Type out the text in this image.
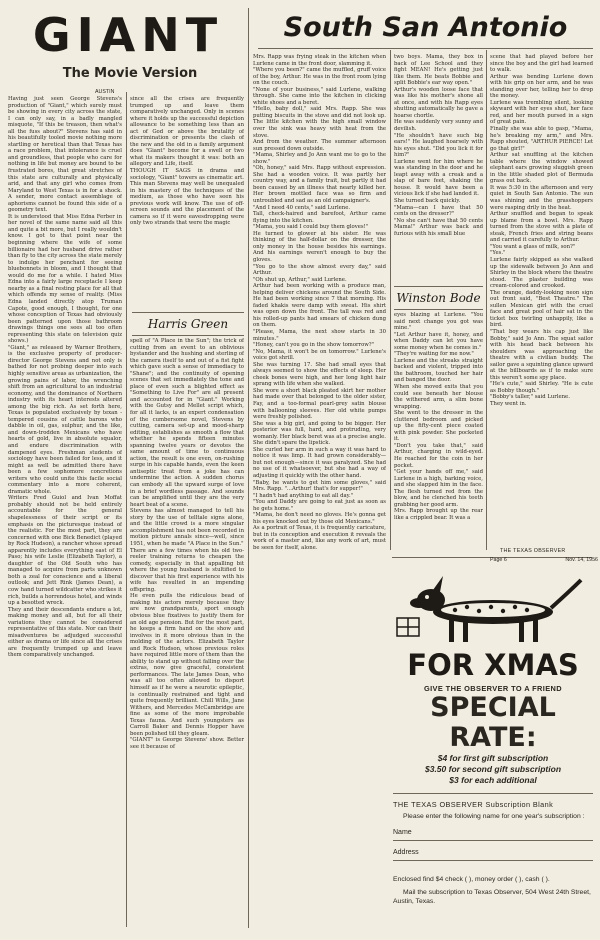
GIANT
The Movie Version
South San Antonio
AUSTIN
Having just seen George Stevens's production of "Giant," which surely must be showing in every city across the state, I can only say, in a badly mangled misquote, "If this be treason, then what's all the fuss about?" Stevens has said in his beautifully tooled movie nothing more startling or heretical than that Texas has a race problem, that intolerance is cruel and groundless, that people who care for nothing in life but money are bound to be frustrated bores, that great stretches of this state are culturally and physically arid, and that any girl who comes from Maryland to West Texas is in for a shock. A sender, more contact assemblage of aphorisms cannot be found this side of a geometry text.
It is understood that Miss Edna Ferber in her novel of the same name said all this and quite a bit more, but I really wouldn't know. I got to that point near the beginning where the wife of some billionaire had her husband drive rather than fly to the city across the state merely to indulge her penchant for seeing bluebonnets in bloom, and I thought that would do me for a while. I hated Miss Edna into a fairly large receptacle I keep nearby as a final resting place for all that which offends my sense of reality. (Miss Edna landed directly atop Truman Capote, good enough, I thought, for one whose conception of Texas had obviously been patterned upon those bathroom drawings things one sees all too often representing this state on television quiz shows.)
"Giant," as released by Warner Brothers, is the exclusive property of producer-director George Stevens and not only is bathed for not probing deeper into such highly sensitive areas as urbanization, the growing pains of labor, the wrenching shift from an agricultural to an industrial economy, and the dominance of Northern industry with its heart interests altered among the big rich. As set forth here, Texas is populated exclusively by texan - tempered cousins of cattle barons who dabble in oil, gas, sulphur, and the like, and down-trodden Mexicans who have hearts of gold, live in absolute squalor, and endure discrimination with dampened eyes. Freshman students of sociology have been failed for less, and it might as well be admitted there have been a few sophomore concretions writers who could unite this facile social commentary into a more coherent, dramatic whole.
Writers Fred Guiol and Ivan Moffat probably should not be held entirely accountable for the general shapelessness of their script or its emphasis on the picturesque instead of the realistic. For the most part, they are concerned with one Bick Benedict (played by Rock Hudson), a rancher whose spread apparently includes everything east of El Paso; his wife Leslie (Elizabeth Taylor), a daughter of the Old South who has managed to acquire from parts unknown both a zeal for conscience and a liberal outlook; and Jett Rink (James Dean), a cow hand turned wildcatter who strikes it rich, builds a horrendous hotel, and winds up a besotted wreck.
They and their descendants endure a lot, making money and all, but for all their variations they cannot be considered representative of this state. Nor can their misadventures be adjudged successful either as drama or life since all the crises are frequently trumped up and leave them comparatively unchanged.
since all the crises are frequently trumped up and leave them comparatively unchanged. Only in scenes where it holds up the successful depiction allowance to be something less than an act of God or above the brutality of discrimination or presents the clash of the new and the old in a family argument does "Giant" become for a swell or two what its makers thought it was: both an allegory and Life, itself.
THOUGH IT SAGS in drama and sociology, "Giant" towers as cinematic art. This man Stevens may well be unequaled in his mastery of the techniques of the medium, as those who have seen his previous work will know. The use of off-screen sounds and the placement of the camera so if it were eavesdropping were only two strands that were the magic
Harris Green
spell of "A Place in the Sun"; the trick of cutting from an event to an oblivious bystander and the hushing and sterling of the camera itself to and out of a fist fight which gave such a sense of immediacy to "Shane"; and the continuity of opening scenes that set immediately the tone and place of even such a blighted effect as "Something to Live For" are all present and accounted for in "Giant." Working with the Gutsy and Mellet script which, for all it lacks, is an expert condensation of the cumbersome novel, Stevens by cutting, camera set-up and mood-sharp editing, establishes as smooth a flow that whether he spends fifteen minutes spanning twelve years or devotes the same amount of time to continuous action, the result is one even, on-rushing surge in his capable hands, even the keen antiseptic treat from a joke has can undermine the action. A sudden chorus can embody all the upward surge of love in a brief wordless passage. And sounds can be amplified until they are the very heart beat of a scene.
Stevens has almost managed to tell his story by the use of telltale signs alone, and the little crowd is a more singular accomplishment has not been recorded in motion picture annals since—well, since 1951, when he made "A Place in the Sun."
There are a few times when his old two-reeler training returns to cheapen the comedy, especially in that appalling bit where the young husband is stultified to discover that his first experience with his wife has resulted in an impending offspring.
He even pulls the ridiculous bead of making his actors merely because they are now grandparents, sport enough obvious blue fixatives to justify them for an old age pension. But for the most part, he keeps a firm hand on the show and involves in it more obvious than in the molding of the actors. Elizabeth Taylor and Rock Hudson, whose previous roles have required little more of them than the ability to stand up without falling over the extras, now give graceful, consistent performances. The late James Dean, who was all too often allowed to disport himself as if he were a neurotic epileptic, is continually restrained and tight and quite frequently brilliant. Chill Wills, Jane Withers, and Mercedes McCambridge are fine as some of the more improbable Texas fauna. And such youngsters as Carroll Baker and Dennis Hopper have been polished till they gleam.
"GIANT" is George Stevens' show. Better see it because of
Mrs. Rapp was frying steak in the kitchen when Lurlene came in the front door, slamming it.
"Where you been?" came the muffled, gruff voice of the boy, Arthur. He was in the front room lying on the couch.
"None of your business," said Lurlene, walking through. She came into the kitchen in clicking white shoes and a beret.
"Hello, baby doll," said Mrs. Rapp. She was putting biscuits in the stove and did not look up. The little kitchen with the high small window over the sink was heavy with heat from the stove.
And from the weather. The summer afternoon sun pressed down outside.
"Mama, Shirley and Jo Ann want me to go to the show."
"Oh, honey," said Mrs. Rapp without expression. She had a wooden voice. It was partly her country way, and a family trait, but partly it had been caused by an illness that nearly killed her. Her brown mottled face was so firm and untroubled and sad as an old campaigner's.
"And I need 40 cents," said Lurlene.
Tall, check-haired and barefoot, Arthur came flying into the kitchen.
"Mama, you said I could buy them gloves!"
He turned to glower at his sister. He was thinking of the half-dollar on the dresser, the only money in the house besides his earnings. And his earnings weren't enough to buy the gloves.
"You go to the show almost every day," said Arthur.
"Oh shut up, Arthur," said Lurlene.
Arthur had been working with a produce man, helping deliver chickens around the South Side. He had been working since 7 that morning. His faded khakis were damp with sweat. His shirt was open down the front. The tall was red and his rolled-up pants had smears of chicken dung on them.
"Please, Mama, the next show starts in 30 minutes."
"Honey, can't you go in the show tomorrow?"
"No, Mama, it won't be on tomorrow." Lurlene's voice got shrill.
She was turning 17. She had small eyes that always seemed to show the effects of sleep. Her cheek bones were high, and her long light hair sprang with life when she walked.
She wore a short black pleated skirt her mother had made over that belonged to the older sister, Fay, and a too-formal pearl-grey satin blouse with ballooning sleeves. Her old white pumps were freshly polished.
She was a big girl, and going to be bigger. Her posterior was full, hard, and protruding, very womanly. Her black beret was at a precise angle. She didn't spare the lipstick.
She curled her arm in such a way it was hard to notice it was limp. It had grown considerably—but not enough—since it was paralyzed. She had no use of it whatsoever, but she had a way of adjusting it quickly with the other hand.
"Baby, he wants to get him some gloves," said Mrs. Rapp. "...Arthur! that's for supper!"
"I hadn't had anything to eat all day."
"You and Daddy are going to eat just as soon as he gets home."
"Mama, he don't need no gloves. He's gonna get his eyes knocked out by those old Mexicans."
As a portrait of Texas, it is frequently caricature, but in its conception and execution it reveals the work of a master and, like any work of art, must be seen for itself, alone.
two boys. Mama, they box in back of Lee School and they fight MEAN! He's getting just like them. He beats Bobbie and split Bobbie's ear way open."
Arthur's wooden loose face that was like his mother's shone all at once, and with his Rapp eyes shutting automatically he gave a hoarse chortle.
He was suddenly very sunny and devilish.
"He shouldn't have such big ears!" He laughed hoarsely with his eyes shut. "Did you lick it for him?"
Lurlene went for him where he was standing in the door and he leapt away with a creak and a slap of bare feet, shaking the house. It would have been a vicious lick if she had landed it.
She turned back quickly.
"Mama—can I have that 50 cents on the dresser?"
"No she can't have that 50 cents Mama!" Arthur was back and furious with his small blue
Winston Bode
eyes blazing at Lurlene. "You said next change you got was mine."
"Let Arthur have it, honey, and when Daddy can let you have some money when he comes in."
"They're waiting for me now."
Lurlene and the streaks straight backed and violent, tripped into the bathroom, touched her hair and banged the door.
When she moved exits that you could see beneath her blouse the withered arm, a slim bone wrapping.
She went to the dresser in the cluttered bedroom and picked up the fifty-cent piece coated with pink powder. She pocketed it.
"Don't you take that," said Arthur, charging in wild-eyed. He reached for the coin in her pocket.
"Get your hands off me," said Lurlene in a high, barking voice, and she slapped him in the face. The flesh turned red from the blow, and he clenched his teeth grabbing her good arm.
Mrs. Rapp brought up the rear like a crippled bear. It was a
scene that had played before her since the boy and the girl had learned to walk.
Arthur was bending Lurlene down with his grip on her arm, and he was standing over her, telling her to drop the money.
Lurlene was trembling silent, looking skyward with her eyes shut, her face red, and her mouth pursed in a sign of great pain.
Finally she was able to gasp, "Mama, he's breaking my arm," and Mrs. Rapp shouted, "ARTHUR PIERCE! Let go that girl!"
Arthur sat snuffling at the kitchen table where the window showed elephant ears growing sluggish green in the little shaded plot of Bermuda grass out back.
It was 5:30 in the afternoon and very quiet in South San Antonio. The sun was shining and the grasshoppers were rasping drily in the heat.
Arthur snuffled and began to speak up blame from a bowl. Mrs. Rapp turned from the stove with a plate of steak, French fries and string beans and carried it carefully to Arthur.
"You want a glass of milk, son?"
"Yes."
Lurlene fairly skipped as she walked up the sidewalk between Jo Ann and Shirley in the block where the theatre stood. The plaster building was cream-colored and crooked.
The orange, daddy-looking neon sign out front said, "Best Theatre." The sullen Mexican girl with the cruel face and great pool of hair sat in the ticket box twirling unhappily, like a bird.
"That boy wears his cap just like Bobby," said Jo Ann. The squat sailor with his head back between his shoulders was approaching the theatre with a civilian buddy. The sailor gave a squinting glance upward at the billboards as if to make sure this weren't some spy place.
"He's cute," said Shirley. "He is cute as Bobby though."
"Bobby's taller," said Lurlene.
They went in.
THE TEXAS OBSERVER
Page 6	Nov. 14, 1956
FOR XMAS
GIVE THE OBSERVER TO A FRIEND
SPECIAL RATE:
$4 for first gift subscription
$3.50 for second gift subscription
$3 for each additional
THE TEXAS OBSERVER Subscription Blank
Please enter the following name for one year's subscription :
Name
Address
Enclosed find $4 check ( ), money order ( ), cash ( ).
Mail the subscription to Texas Observer, 504 West 24th Street, Austin, Texas.
